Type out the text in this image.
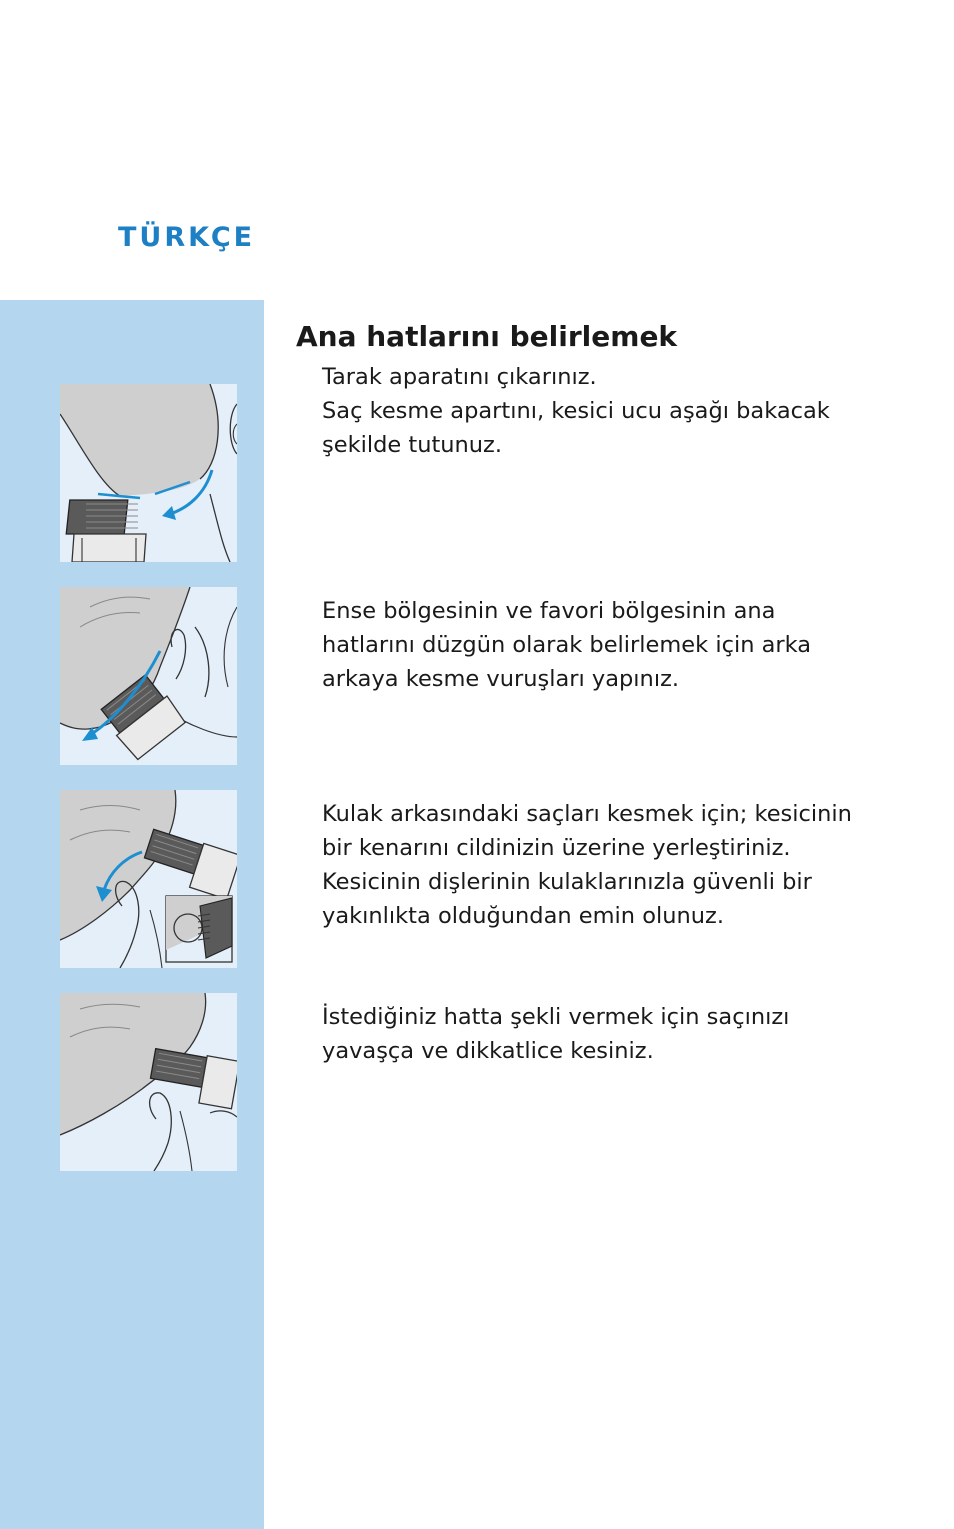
TÜRKÇE
Ana hatlarını belirlemek
Tarak aparatını çıkarınız.
Saç kesme apartını, kesici ucu aşağı bakacak
şekilde tutunuz.
Ense bölgesinin ve favori bölgesinin ana
hatlarını düzgün olarak belirlemek için arka
arkaya kesme vuruşları yapınız.
Kulak arkasındaki saçları kesmek için; kesicinin
bir kenarını cildinizin üzerine yerleştiriniz.
Kesicinin dişlerinin kulaklarınızla güvenli bir
yakınlıkta olduğundan emin olunuz.
İstediğiniz hatta şekli vermek için saçınızı
yavaşça ve dikkatlice kesiniz.
